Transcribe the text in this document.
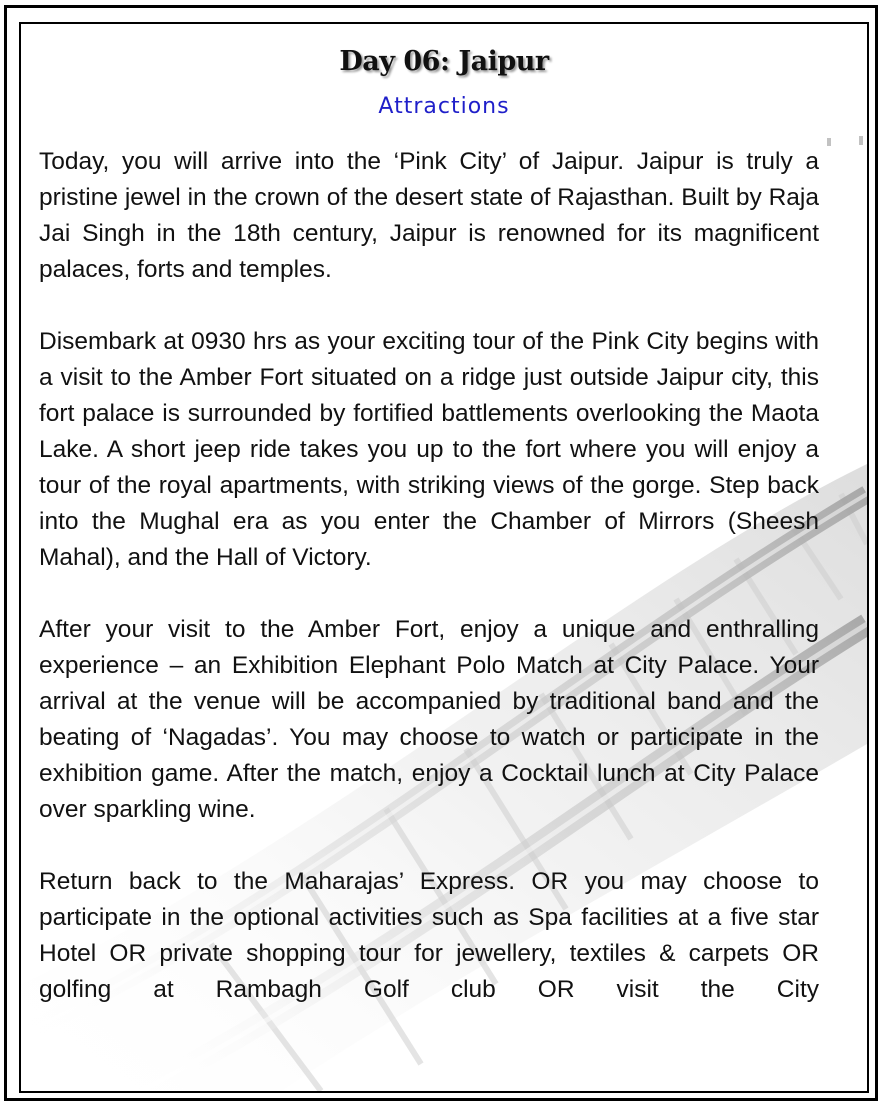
Day 06: Jaipur
Attractions

Today, you will arrive into the ‘Pink City’ of Jaipur. Jaipur is truly a pristine jewel in the crown of the desert state of Rajasthan. Built by Raja Jai Singh in the 18th century, Jaipur is renowned for its magnificent palaces, forts and temples.

Disembark at 0930 hrs as your exciting tour of the Pink City begins with a visit to the Amber Fort situated on a ridge just outside Jaipur city, this fort palace is surrounded by fortified battlements overlooking the Maota Lake. A short jeep ride takes you up to the fort where you will enjoy a tour of the royal apartments, with striking views of the gorge. Step back into the Mughal era as you enter the Chamber of Mirrors (Sheesh Mahal), and the Hall of Victory.

After your visit to the Amber Fort, enjoy a unique and enthralling experience – an Exhibition Elephant Polo Match at City Palace. Your arrival at the venue will be accompanied by traditional band and the beating of ‘Nagadas’. You may choose to watch or participate in the exhibition game. After the match, enjoy a Cocktail lunch at City Palace over sparkling wine.

Return back to the Maharajas’ Express. OR you may choose to participate in the optional activities such as Spa facilities at a five star Hotel OR private shopping tour for jewellery, textiles & carpets OR golfing at Rambagh Golf club OR visit the City
